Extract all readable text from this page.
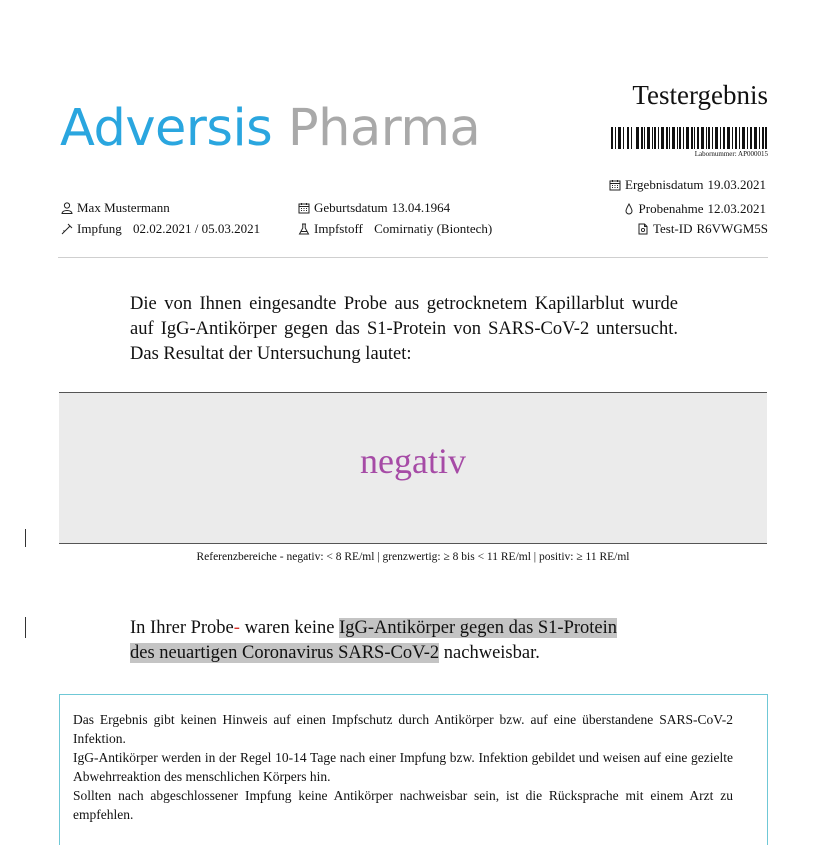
Adversis Pharma
Testergebnis
Labornummer: AP000015
Max Mustermann
Impfung
02.02.2021 / 05.03.2021
Geburtsdatum 13.04.1964
Impfstoff
Comirnatiy (Biontech)
Ergebnisdatum 19.03.2021
Probenahme 12.03.2021
Test-ID R6VWGM5S
Die von Ihnen eingesandte Probe aus getrocknetem Kapillarblut wurde auf IgG-Antikörper gegen das S1-Protein von SARS-CoV-2 untersucht. Das Resultat der Untersuchung lautet:
negativ
Referenzbereiche - negativ: < 8 RE/ml | grenzwertig: ≥ 8 bis < 11 RE/ml | positiv: ≥ 11 RE/ml
In Ihrer Probe- waren keine IgG-Antikörper gegen das S1-Protein
des neuartigen Coronavirus SARS-CoV-2 nachweisbar.
Das Ergebnis gibt keinen Hinweis auf einen Impfschutz durch Antikörper bzw. auf eine überstandene SARS-CoV-2 Infektion.
IgG-Antikörper werden in der Regel 10-14 Tage nach einer Impfung bzw. Infektion gebildet und weisen auf eine gezielte Abwehrreaktion des menschlichen Körpers hin.
Sollten nach abgeschlossener Impfung keine Antikörper nachweisbar sein, ist die Rücksprache mit einem Arzt zu empfehlen.
